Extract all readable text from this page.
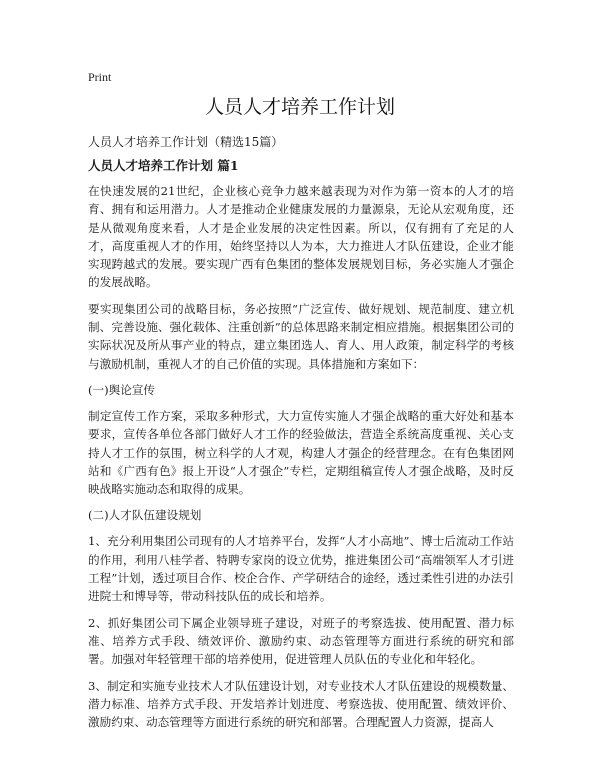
Print
人员人才培养工作计划

人员人才培养工作计划（精选15篇）

人员人才培养工作计划 篇1

在快速发展的21世纪，企业核心竞争力越来越表现为对作为第一资本的人才的培育、拥有和运用潜力。人才是推动企业健康发展的力量源泉，无论从宏观角度，还是从微观角度来看，人才是企业发展的决定性因素。所以，仅有拥有了充足的人才，高度重视人才的作用，始终坚持以人为本，大力推进人才队伍建设，企业才能实现跨越式的发展。要实现广西有色集团的整体发展规划目标，务必实施人才强企的发展战略。

要实现集团公司的战略目标，务必按照“广泛宣传、做好规划、规范制度、建立机制、完善设施、强化载体、注重创新”的总体思路来制定相应措施。根据集团公司的实际状况及所从事产业的特点，建立集团选人、育人、用人政策，制定科学的考核与激励机制，重视人才的自己价值的实现。具体措施和方案如下：

(一)舆论宣传

制定宣传工作方案，采取多种形式，大力宣传实施人才强企战略的重大好处和基本要求，宣传各单位各部门做好人才工作的经验做法，营造全系统高度重视、关心支持人才工作的氛围，树立科学的人才观，构建人才强企的经营理念。在有色集团网站和《广西有色》报上开设“人才强企”专栏，定期组稿宣传人才强企战略，及时反映战略实施动态和取得的成果。

(二)人才队伍建设规划

1、充分利用集团公司现有的人才培养平台，发挥“人才小高地”、博士后流动工作站的作用，利用八桂学者、特聘专家岗的设立优势，推进集团公司“高端领军人才引进工程”计划，透过项目合作、校企合作、产学研结合的途经，透过柔性引进的办法引进院士和博导等，带动科技队伍的成长和培养。

2、抓好集团公司下属企业领导班子建设，对班子的考察选拔、使用配置、潜力标准、培养方式手段、绩效评价、激励约束、动态管理等方面进行系统的研究和部署。加强对年轻管理干部的培养使用，促进管理人员队伍的专业化和年轻化。

3、制定和实施专业技术人才队伍建设计划，对专业技术人才队伍建设的规模数量、潜力标准、培养方式手段、开发培养计划进度、考察选拔、使用配置、绩效评价、激励约束、动态管理等方面进行系统的研究和部署。合理配置人力资源，提高人
